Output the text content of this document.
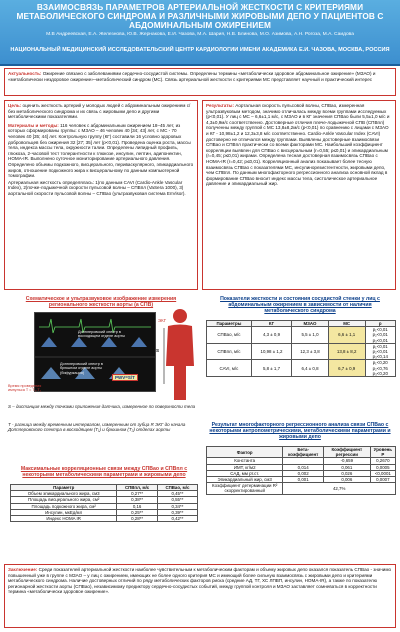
ВЗАИМОСВЯЗЬ ПАРАМЕТРОВ АРТЕРИАЛЬНОЙ ЖЕСТКОСТИ С КРИТЕРИЯМИ МЕТАБОЛИЧЕСКОГО СИНДРОМА И РАЗЛИЧНЫМИ ЖИРОВЫМИ ДЕПО У ПАЦИЕНТОВ С АБДОМИНАЛЬНЫМ ОЖИРЕНИЕМ
М.В Андреевская, Е.А. Железнова, Ю.В. Жернакова, Е.И. Чазова, М.А. Шария, Н.В. Блинова, М.О. Азимова, А.Н. Рогоза, М.А. Саидова
НАЦИОНАЛЬНЫЙ МЕДИЦИНСКИЙ ИССЛЕДОВАТЕЛЬСКИЙ ЦЕНТР КАРДИОЛОГИИ ИМЕНИ АКАДЕМИКА Е.И. ЧАЗОВА, МОСКВА, РОССИЯ
Актуальность: Ожирение связано с заболеваниями сердечно-сосудистой системы. Определены термины «метаболически здоровое абдоминальное ожирение» (МЗАО) и «метаболически нездоровое ожирение»–метаболический синдром (МС). Связь артериальной жесткости с критериями МС представляет научный и практический интерес
Цель: оценить жесткость артерий у молодых людей с абдоминальным ожирением с/без метаболического синдрома и их связь с жировыми депо и другими метаболическими показателями.
Материалы и методы: 116 человек с абдоминальным ожирением 18–45 лет, из которых сформированы группы: с МЗАО – 46 человек 40 [34; 43] лет, с МС - 70 человек 40 [35; 44] лет. Контрольную группу (КГ) составили 16 условно здоровых добровольцев без ожирения 32 [27; 35] лет (р<0,01). Проведена оценка роста, массы тела, индекса массы тела, окружности талии. Определены липидный профиль, глюкоза, 2-часовой тест толерантности к глюкозе, инсулин, лептин, адипонектин, HOMA-IR. Выполнено суточное мониторирование артериального давления. Определено объемы подкожного, висцерального, периваскулярного, эпикардиального жиров, отношение подкожного жира к висцеральному по данным компьютерной томографии.
Артериальная жесткость определялась: 1)по данным CAVI (Cardio-Ankle Vascular Index), 2)почке-лодыжечной скорости пульсовой волны – СПВпл (VaSera 1000), 3) аортальной скорости пульсовой волны – СПВао (ультразвуковая система EnVisor).
Результаты: Аортальная скорость пульсовой волны, СПВао, измеренная ультразвуковым методом, значимо отличалась между всеми группами исследуемых (р<0,01). У лиц с МС – 6,6±1,1 м/с, с МЗАО и в КГ значения СПВао были 5,5±1,0 м/с и 4,3±0,9м/с соответственно. Достоверные отличия плече-лодыжечной СПВ (СПВпл) полученны между группой с МС 13,8±8,2м/с (р<0,01) по сравнению с лицами с МЗАО и КГ - 10,98±1,2 и 12,3±3,8 м/с соответственно. Cardio-Ankle Vascular Index (CAVI) достоверно не отличался между группами. Выявлены достоверные взаимосвязи СПВао и СПВпл практически со всеми факторами МС. Наибольший коэффициент корреляции выявлен для СПВао с висцеральным (r=0,55; р≤0,01) и эпикардиальным (r=0,45; р≤0,01) жирами. Определена тесная достоверная взаимосвязь СПВао с HOMA-IR (r=0,42; р≤0,01). Корреляционный анализ показывает более тесную взаимосвязь СПВао с показателями МС, инсулинорезистентности, жировыми депо, чем СПВпл. По данным многофакторного регрессионного анализа основной вклад в формирование СПВао вносит индекс массы тела, систолическое артериальное давление и эпикардиальный жир.
Схематическое и ультразвуковое изображение измерения регионального жесткости аорты (а СПВ)
ЭКГ
Допплеровский спектр в восходящем отделе аорты
Допплеровский спектр в брюшном отделе аорты (бифуркация)
Время проведения импульса T = T₂-T₁
PWV=S/T
S
S – дистанция между точками приложения датчика, измеренное по поверхности тела
T - разница между временным интервалом, измеренным от зубца R ЭКГ до начала Допплеровского спектра в восходящем (T₁) и брюшном (T₂) отделах аорты
Показатели жесткости и состояния сосудистой стенки у лиц с абдоминальным ожирением в зависимости от наличия метаболического синдрома
Параметры	КГ	МЗАО	МС	p
СПВао, м/с	4,3 ± 0,9	5,5 ± 1,0	6,6 ± 1,1	р₁<0,01
р₂<0,01
р₃<0,01

СПВпл, м/с	10,98 ± 1,2	12,3 ± 3,8	13,8 ± 8,2	р₁<0,01
р₂<0,01
р₃<0,14

CAVI, м/с	5,8 ± 1,7	6,4 ± 0,8	6,7 ± 0,9	р₁<0,20
р₂<0,76
р₃<0,20
Максимальные корреляционные связи между СПВао и СПВпл с некоторыми метаболическими параметрами и жировыми депо
Параметр	СПВпл, м/с	СПВао, м/с
Объем эпикардиального жира, см3	0,27**	0,45**
Площадь висцерального жира, см²	0,38**	0,55**
Площадь подкожного жира, см²	0,16	0,34**
Инсулин, мкЕд/мл	0,25**	0,39**
Индекс HOMA IR	0,28**	0,42**
Результат многофакторного регрессионного анализа связи СПВао с некоторыми антропометрическими, метаболическими параметрами и жировыми депо
Фактор	Бета-коэффициент	Коэффициент регрессии	Уровень Р
Константа		-0,659	0,2670
ИМТ, кг/м2	0,014	0,061	0,0005
САД, мм рт.ст.	0,002	0,026	<0,0001
Эпикардиальный жир, см3	0,001	0,006	0,0007
Коэффициент детерминации R² скорректированный	42,7%		
Заключение: Среди показателей артериальной жесткости наиболее чувствительным к метаболическим факторам и объему жировых депо оказался показатель СПВао - значимо повышенный уже в группе с МЗАО – у лиц с ожирением, имеющих не более одного критерия МС и имеющий более сильную взаимосвязь с жировыми депо и критериями метаболического синдрома. Наличие достоверных отличий по ряду метаболических факторов риска (средние АД, ТГ, ХС ЛПВП, инсулин, HOMA-IR), а также по показателю регионарной жесткости аорты (СПВао), независимому предиктору сердечно-сосудистых событий, между группой контроля и МЗАО заставляет сомневаться в корректности термина «метаболически здоровое ожирение».
